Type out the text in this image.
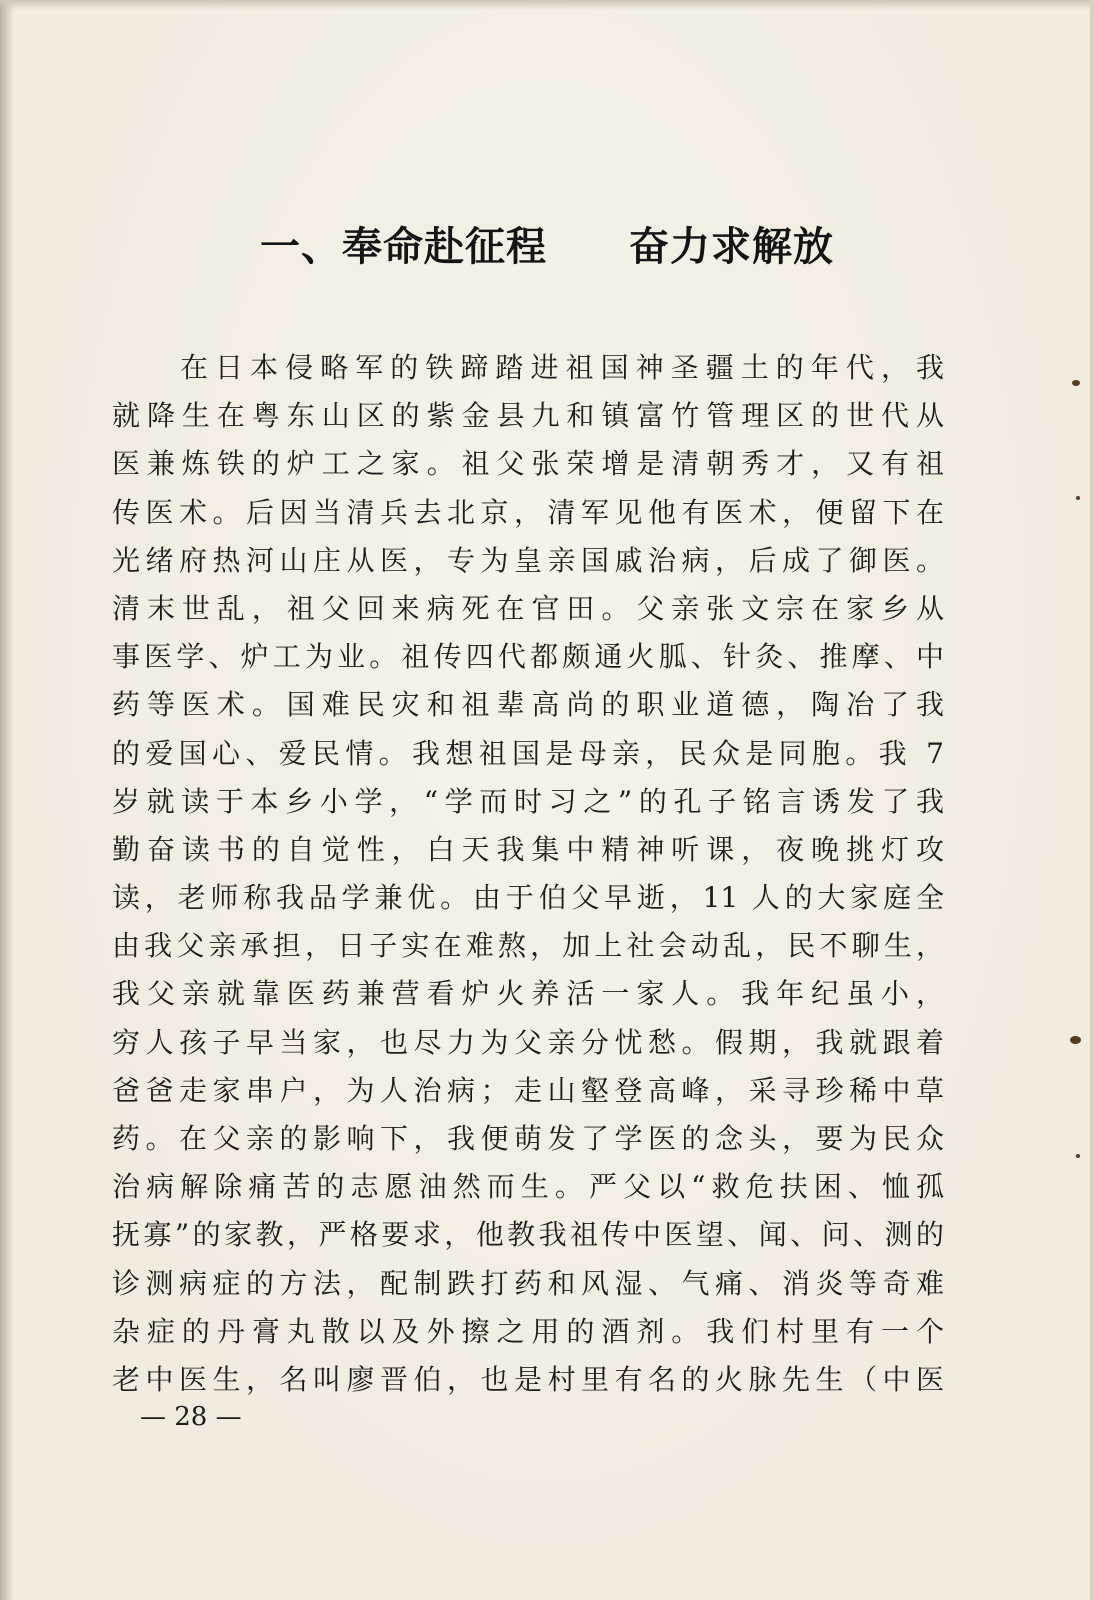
一、奉命赴征程　　奋力求解放
在日本侵略军的铁蹄踏进祖国神圣疆土的年代，我
就降生在粤东山区的紫金县九和镇富竹管理区的世代从
医兼炼铁的炉工之家。祖父张荣增是清朝秀才，又有祖
传医术。后因当清兵去北京，清军见他有医术，便留下在
光绪府热河山庄从医，专为皇亲国戚治病，后成了御医。
清末世乱，祖父回来病死在官田。父亲张文宗在家乡从
事医学、炉工为业。祖传四代都颇通火胍、针灸、推摩、中
药等医术。国难民灾和祖辈高尚的职业道德，陶冶了我
的爱国心、爱民情。我想祖国是母亲，民众是同胞。我 7
岁就读于本乡小学，“学而时习之”的孔子铭言诱发了我
勤奋读书的自觉性，白天我集中精神听课，夜晚挑灯攻
读，老师称我品学兼优。由于伯父早逝，11 人的大家庭全
由我父亲承担，日子实在难熬，加上社会动乱，民不聊生，
我父亲就靠医药兼营看炉火养活一家人。我年纪虽小，
穷人孩子早当家，也尽力为父亲分忧愁。假期，我就跟着
爸爸走家串户，为人治病；走山壑登高峰，采寻珍稀中草
药。在父亲的影响下，我便萌发了学医的念头，要为民众
治病解除痛苦的志愿油然而生。严父以“救危扶困、恤孤
抚寡”的家教，严格要求，他教我祖传中医望、闻、问、测的
诊测病症的方法，配制跌打药和风湿、气痛、消炎等奇难
杂症的丹膏丸散以及外擦之用的酒剂。我们村里有一个
老中医生，名叫廖晋伯，也是村里有名的火脉先生（中医
— 28 —
